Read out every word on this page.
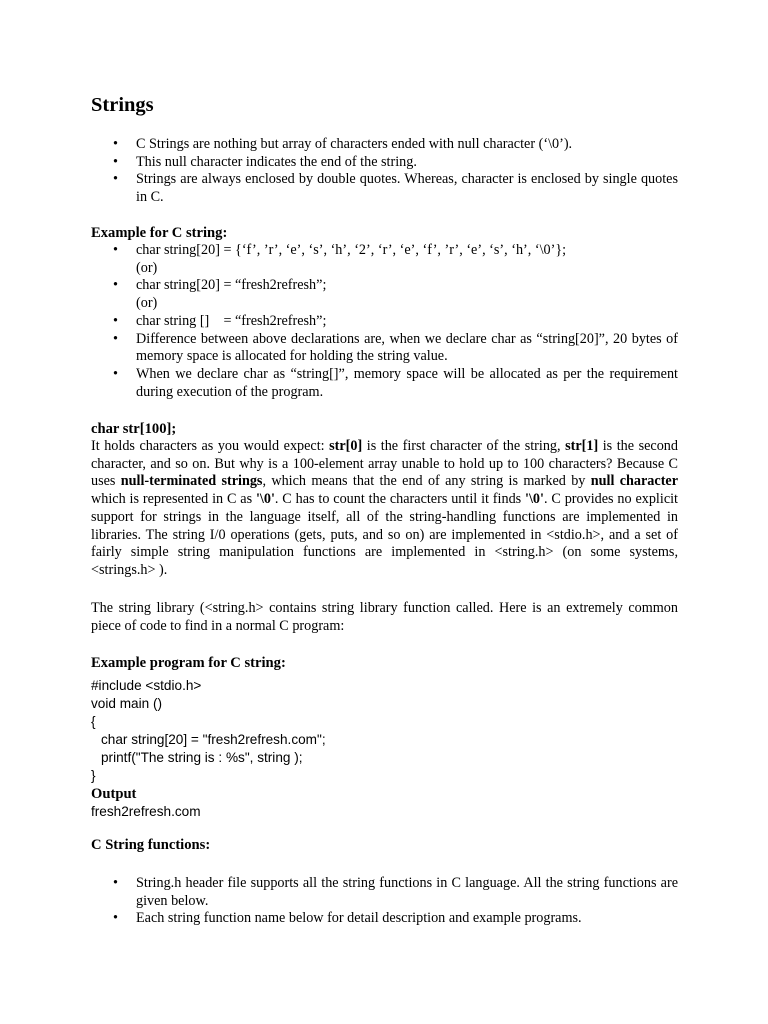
Strings
• C Strings are nothing but array of characters ended with null character (‘\0’).
• This null character indicates the end of the string.
• Strings are always enclosed by double quotes. Whereas, character is enclosed by single quotes in C.
Example for C string:
• char string[20] = {‘f’, ’r’, ‘e’, ‘s’, ‘h’, ‘2’, ‘r’, ‘e’, ‘f’, ’r’, ‘e’, ‘s’, ‘h’, ‘\0’};
(or)
• char string[20] = “fresh2refresh”;
(or)
• char string []    = “fresh2refresh”;
• Difference between above declarations are, when we declare char as “string[20]”, 20 bytes of memory space is allocated for holding the string value.
• When we declare char as “string[]”, memory space will be allocated as per the requirement during execution of the program.
char str[100];

It holds characters as you would expect: str[0] is the first character of the string, str[1] is the second character, and so on. But why is a 100-element array unable to hold up to 100 characters? Because C uses null-terminated strings, which means that the end of any string is marked by null character which is represented in C as '\0'. C has to count the characters until it finds '\0'. C provides no explicit support for strings in the language itself, all of the string-handling functions are implemented in libraries. The string I/0 operations (gets, puts, and so on) are implemented in <stdio.h>, and a set of fairly simple string manipulation functions are implemented in <string.h> (on some systems, <strings.h> ).

The string library (<string.h> contains string library function called. Here is an extremely common piece of code to find in a normal C program:

Example program for C string:
#include <stdio.h>
void main ()
{
char string[20] = "fresh2refresh.com";
printf("The string is : %s", string );
}
Output
fresh2refresh.com
C String functions:
• String.h header file supports all the string functions in C language. All the string functions are given below.
• Each string function name below for detail description and example programs.
